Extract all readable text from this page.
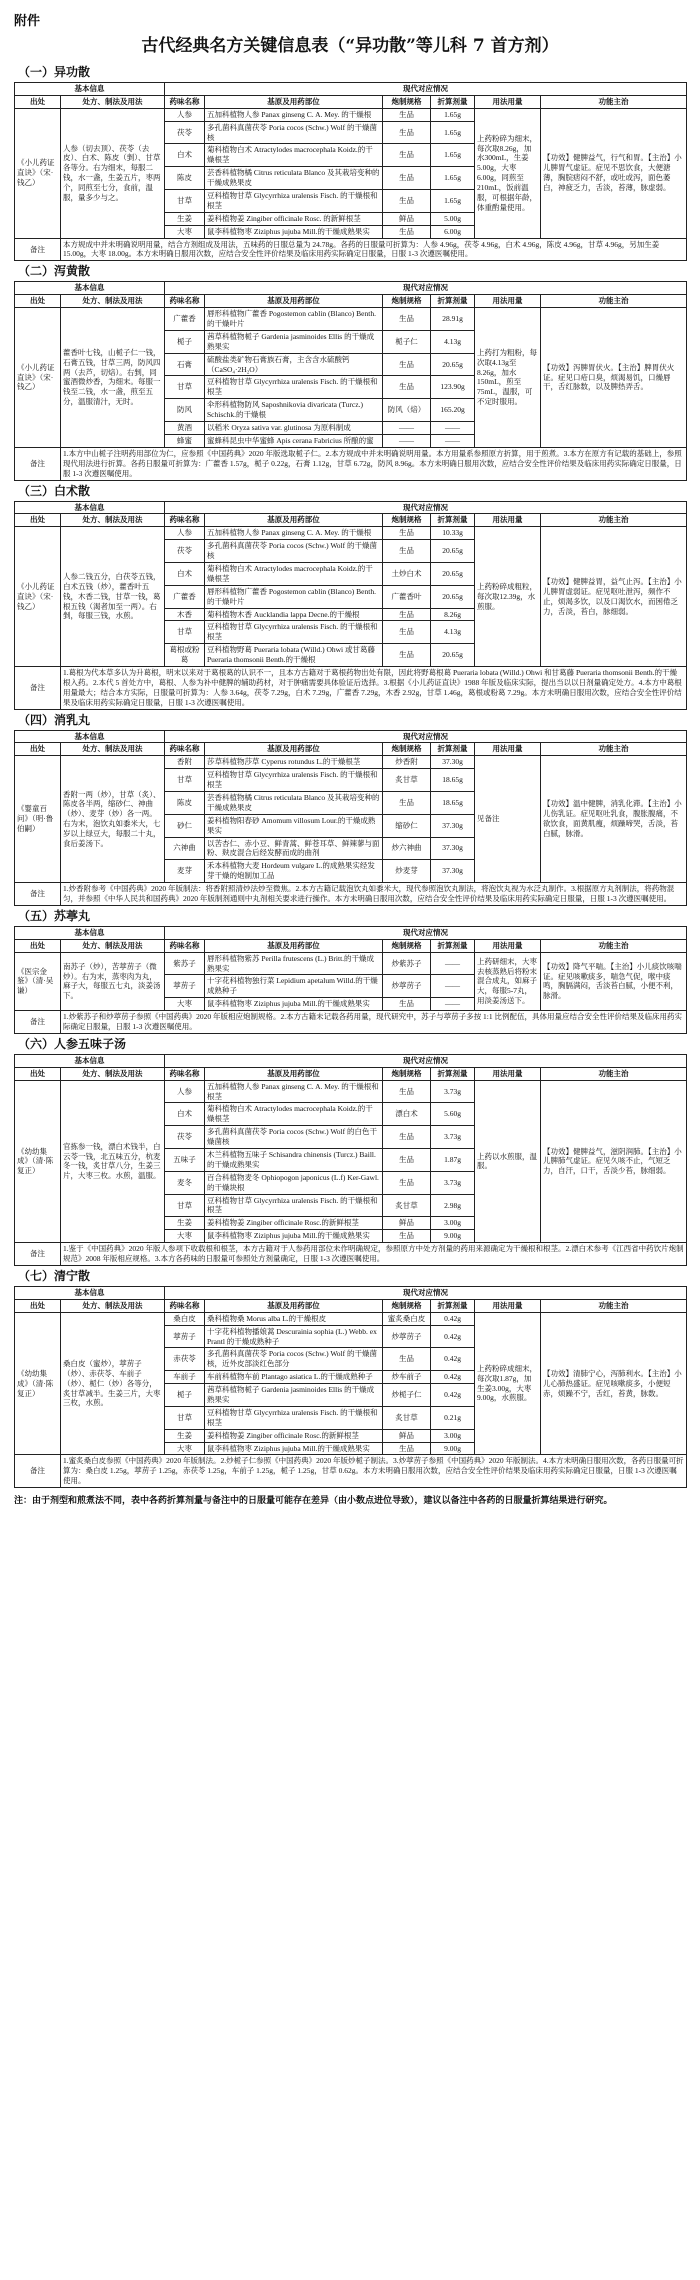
附件
古代经典名方关键信息表（“异功散”等儿科 7 首方剂）
（一）异功散
基本信息		现代对应情况					
出处	处方、制法及用法	药味名称	基原及用药部位	炮制规格	折算剂量	用法用量	功能主治
《小儿药证直诀》（宋·钱乙）	人参（切去顶）、茯苓（去皮）、白术、陈皮（剉）、甘草各等分。右为细末，每服二钱，水一盏，生姜五片，枣两个，同煎至七分，食前，温服，量多少与之。	人参	五加科植物人参 Panax ginseng C. A. Mey. 的干燥根	生品	1.65g	上药粉碎为细末，每次取8.26g，加水300mL，生姜5.00g，大枣6.00g，同煎至210mL，饭前温服，可根据年龄，体重酌量使用。	【功效】健脾益气，行气和胃。【主治】小儿脾胃气虚证。症见不思饮食，大便溏薄，胸脘痞闷不舒，或吐或泻，面色萎白，神疲乏力，舌淡，苔薄，脉虚弱。
		茯苓	多孔菌科真菌茯苓 Poria cocos (Schw.) Wolf 的干燥菌核	生品	1.65g		
		白术	菊科植物白术 Atractylodes macrocephala Koidz.的干燥根茎	生品	1.65g		
		陈皮	芸香科植物橘 Citrus reticulata Blanco 及其栽培变种的干燥成熟果皮	生品	1.65g		
		甘草	豆科植物甘草 Glycyrrhiza uralensis Fisch. 的干燥根和根茎	生品	1.65g		
		生姜	姜科植物姜 Zingiber officinale Rosc. 的新鲜根茎	鲜品	5.00g		
		大枣	鼠李科植物枣 Ziziphus jujuba Mill.的干燥成熟果实	生品	6.00g		
备注	本方规成中并未明确说明用量，结合方剂组成及用法，五味药的日服总量为 24.78g。各药的日服量可折算为：人参 4.96g，茯苓 4.96g，白术 4.96g，陈皮 4.96g，甘草 4.96g，另加生姜 15.00g，大枣 18.00g。本方未明确日服用次数，应结合安全性评价结果及临床用药实际确定日服量，日服 1-3 次遵医嘱使用。						
（二）泻黄散
基本信息		现代对应情况					
出处	处方、制法及用法	药味名称	基原及用药部位	炮制规格	折算剂量	用法用量	功能主治
《小儿药证直诀》（宋·钱乙）	藿香叶七钱，山栀子仁一钱，石膏五钱，甘草三两，防风四两（去芦，切焙）。右剉，同蜜酒微炒香，为细末。每服一钱至二钱，水一盏，煎至五分，温服清汁，无时。	广藿香	唇形科植物广藿香 Pogostemon cablin (Blanco) Benth. 的干燥叶片	生品	28.91g	上药打为粗粉，每次取4.13g至8.26g，加水150mL，煎至75mL，温服，可不定时服用。	【功效】泻脾胃伏火。【主治】脾胃伏火证。症见口疮口臭，烦渴易饥，口燥唇干，舌红脉数，以及脾热弄舌。
		栀子	茜草科植物栀子 Gardenia jasminoides Ellis 的干燥成熟果实	栀子仁	4.13g		
		石膏	硫酸盐类矿物石膏族石膏，主含含水硫酸钙（CaSO₄·2H₂O）	生品	20.65g		
		甘草	豆科植物甘草 Glycyrrhiza uralensis Fisch. 的干燥根和根茎	生品	123.90g		
		防风	伞形科植物防风 Saposhnikovia divaricata (Turcz.) Schischk.的干燥根	防风（焙）	165.20g		
		黄酒	以稻米 Oryza sativa var. glutinosa 为原料制成	——	——		
		蜂蜜	蜜蜂科昆虫中华蜜蜂 Apis cerana Fabricius 所酿的蜜	——	——		
备注	1.本方中山栀子注明药用部位为仁，应参照《中国药典》2020 年版选取栀子仁。2.本方规成中并未明确说明用量。本方用量系参照原方折算，用于煎煮。3.本方在原方有记载的基础上，参照现代用法进行折算。各药日服量可折算为：广藿香 1.57g，栀子 0.22g，石膏 1.12g，甘草 6.72g，防风 8.96g。本方未明确日服用次数，应结合安全性评价结果及临床用药实际确定日服量，日服 1-3 次遵医嘱使用。						
（三）白术散
基本信息		现代对应情况					
出处	处方、制法及用法	药味名称	基原及用药部位	炮制规格	折算剂量	用法用量	功能主治
《小儿药证直诀》（宋·钱乙）	人参二钱五分，白茯苓五钱，白术五钱（炒），藿香叶五钱，木香二钱，甘草一钱，葛根五钱（渴者加至一两）。右剉，每服三钱，水煎。	人参	五加科植物人参 Panax ginseng C. A. Mey. 的干燥根	生品	10.33g	上药粉碎成粗粒，每次取12.39g，水煎服。	【功效】健脾益胃，益气止泻。【主治】小儿脾胃虚弱证。症见呕吐泄泻，频作不止，烦渴多饮，以及口渴饮水，而困倦乏力，舌淡，苔白，脉细弱。
		茯苓	多孔菌科真菌茯苓 Poria cocos (Schw.) Wolf 的干燥菌核	生品	20.65g		
		白术	菊科植物白术 Atractylodes macrocephala Koidz.的干燥根茎	土炒白术	20.65g		
		广藿香	唇形科植物广藿香 Pogostemon cablin (Blanco) Benth.的干燥叶片	广藿香叶	20.65g		
		木香	菊科植物木香 Aucklandia lappa Decne.的干燥根	生品	8.26g		
		甘草	豆科植物甘草 Glycyrrhiza uralensis Fisch. 的干燥根和根茎	生品	4.13g		
		葛根或粉葛	豆科植物野葛 Pueraria lobata (Willd.) Ohwi 或甘葛藤 Pueraria thomsonii Benth.的干燥根	生品	20.65g		
备注	1.葛根为代本草多认为升葛根，明末以来对于葛根葛的认识不一，且本方古籍对于葛根药物出处有限，因此将野葛根葛 Pueraria lobata (Willd.) Ohwi 和甘葛藤 Pueraria thomsonii Benth.的干燥根入药。2.本代 5 首处方中，葛根、人参为补中健脾的辅助药材，对于肿痛需要具体验证后选择。3.根据《小儿药证直诀》1988 年版及临床实际，提出当以以日剂量确定处方。4.本方中葛根用量最大；结合本方实际，日服量可折算为：人参 3.64g，茯苓 7.29g，白术 7.29g，广藿香 7.29g，木香 2.92g，甘草 1.46g，葛根或粉葛 7.29g。本方未明确日服用次数，应结合安全性评价结果及临床用药实际确定日服量，日服 1-3 次遵医嘱使用。						
（四）消乳丸
基本信息		现代对应情况					
出处	处方、制法及用法	药味名称	基原及用药部位	炮制规格	折算剂量	用法用量	功能主治
《婴童百问》（明·鲁伯嗣）	香附一两（炒），甘草（炙）、陈皮各半两，缩砂仁、神曲（炒）、麦芽（炒）各一两。右为末，泡饮丸如黍米大，七岁以上绿豆大，每服二十丸，食后姜汤下。	香附	莎草科植物莎草 Cyperus rotundus L.的干燥根茎	炒香附	37.30g	见备注	【功效】温中健脾，消乳化滞。【主治】小儿伤乳证。症见呕吐乳食，腹胀腹痛，不欲饮食，面黄肌瘦，烦躁啼哭，舌淡，苔白腻，脉滑。
		甘草	豆科植物甘草 Glycyrrhiza uralensis Fisch. 的干燥根和根茎	炙甘草	18.65g		
		陈皮	芸香科植物橘 Citrus reticulata Blanco 及其栽培变种的干燥成熟果皮	生品	18.65g		
		砂仁	姜科植物阳春砂 Amomum villosum Lour.的干燥成熟果实	缩砂仁	37.30g		
		六神曲	以苦杏仁、赤小豆、鲜青蒿、鲜苍耳草、鲜辣蓼与面粉、麸皮混合后经发酵而成的曲剂	炒六神曲	37.30g		
		麦芽	禾本科植物大麦 Hordeum vulgare L.的成熟果实经发芽干燥的炮制加工品	炒麦芽	37.30g		
备注	1.炒香附参考《中国药典》2020 年版制法：将香附照清炒法炒至微焦。2.本方古籍记载泡饮丸如黍米大，现代参照泡饮丸制法，将泡饮丸视为水泛丸制作。3.根据原方丸剂制法，将药物混匀，并参照《中华人民共和国药典》2020 年版制剂通则中丸剂相关要求进行操作。本方未明确日服用次数，应结合安全性评价结果及临床用药实际确定日服量，日服 1-3 次遵医嘱使用。						
（五）苏葶丸
基本信息		现代对应情况					
出处	处方、制法及用法	药味名称	基原及用药部位	炮制规格	折算剂量	用法用量	功能主治
《医宗金鉴》（清·吴谦）	南苏子（炒），苦葶苈子（微炒）。右为末，蒸枣肉为丸，麻子大，每服五七丸，淡姜汤下。	紫苏子	唇形科植物紫苏 Perilla frutescens (L.) Britt.的干燥成熟果实	炒紫苏子	——	上药研细末，大枣去核蒸熟后将粉末混合成丸，如麻子大，每服5-7丸，用淡姜汤送下。	【功效】降气平喘。【主治】小儿痰饮咳喘证。症见咳嗽痰多，喘急气促，喉中痰鸣，胸膈满闷，舌淡苔白腻，小便不利，脉滑。
		葶苈子	十字花科植物独行菜 Lepidium apetalum Willd.的干燥成熟种子	炒葶苈子	——		
		大枣	鼠李科植物枣 Ziziphus jujuba Mill.的干燥成熟果实	生品	——		
备注	1.炒紫苏子和炒葶苈子参照《中国药典》2020 年版相应炮制规格。2.本方古籍未记载各药用量，现代研究中，苏子与葶苈子多按 1:1 比例配伍，具体用量应结合安全性评价结果及临床用药实际确定日服量，日服 1-3 次遵医嘱使用。						
（六）人参五味子汤
基本信息		现代对应情况					
出处	处方、制法及用法	药味名称	基原及用药部位	炮制规格	折算剂量	用法用量	功能主治
《幼幼集成》（清·陈复正）	官拣参一钱，漂白术钱半，白云苓一钱，北五味五分，杭麦冬一钱，炙甘草八分，生姜三片，大枣三枚。水煎，温服。	人参	五加科植物人参 Panax ginseng C. A. Mey. 的干燥根和根茎	生品	3.73g	上药以水煎服，温服。	【功效】健脾益气，滋阴润肺。【主治】小儿脾肺气虚证。症见久咳不止，气短乏力，自汗，口干，舌淡少苔，脉细弱。
		白术	菊科植物白术 Atractylodes macrocephala Koidz.的干燥根茎	漂白术	5.60g		
		茯苓	多孔菌科真菌茯苓 Poria cocos (Schw.) Wolf 的白色干燥菌核	生品	3.73g		
		五味子	木兰科植物五味子 Schisandra chinensis (Turcz.) Baill.的干燥成熟果实	生品	1.87g		
		麦冬	百合科植物麦冬 Ophiopogon japonicus (L.f) Ker-Gawl.的干燥块根	生品	3.73g		
		甘草	豆科植物甘草 Glycyrrhiza uralensis Fisch. 的干燥根和根茎	炙甘草	2.98g		
		生姜	姜科植物姜 Zingiber officinale Rosc.的新鲜根茎	鲜品	3.00g		
		大枣	鼠李科植物枣 Ziziphus jujuba Mill.的干燥成熟果实	生品	9.00g		
备注	1.鉴于《中国药典》2020 年版人参项下收载根和根茎，本方古籍对于人参药用部位未作明确规定，参照原方中处方剂量的药用来源确定为干燥根和根茎。2.漂白术参考《江西省中药饮片炮制规范》2008 年版相应规格。3.本方各药味的日服量可参照处方剂量确定，日服 1-3 次遵医嘱使用。						
（七）清宁散
基本信息		现代对应情况					
出处	处方、制法及用法	药味名称	基原及用药部位	炮制规格	折算剂量	用法用量	功能主治
《幼幼集成》（清·陈复正）	桑白皮（蜜炒），葶苈子（炒）、赤茯苓、车前子（炒）、栀仁（炒）各等分，炙甘草减半。生姜三片，大枣三枚，水煎。	桑白皮	桑科植物桑 Morus alba L.的干燥根皮	蜜炙桑白皮	0.42g	上药粉碎成细末，每次取1.87g，加生姜3.00g，大枣9.00g，水煎服。	【功效】清肺宁心，泻肺利水。【主治】小儿心肺热盛证。症见咳嗽痰多，小便短赤，烦躁不宁，舌红，苔黄，脉数。
		葶苈子	十字花科植物播娘蒿 Descurainia sophia (L.) Webb. ex Prantl 的干燥成熟种子	炒葶苈子	0.42g		
		赤茯苓	多孔菌科真菌茯苓 Poria cocos (Schw.) Wolf 的干燥菌核，近外皮部淡红色部分	生品	0.42g		
		车前子	车前科植物车前 Plantago asiatica L.的干燥成熟种子	炒车前子	0.42g		
		栀子	茜草科植物栀子 Gardenia jasminoides Ellis 的干燥成熟果实	炒栀子仁	0.42g		
		甘草	豆科植物甘草 Glycyrrhiza uralensis Fisch. 的干燥根和根茎	炙甘草	0.21g		
		生姜	姜科植物姜 Zingiber officinale Rosc.的新鲜根茎	鲜品	3.00g		
		大枣	鼠李科植物枣 Ziziphus jujuba Mill.的干燥成熟果实	生品	9.00g		
备注	1.蜜炙桑白皮参照《中国药典》2020 年版制法。2.炒栀子仁参照《中国药典》2020 年版炒栀子制法。3.炒葶苈子参照《中国药典》2020 年版制法。4.本方未明确日服用次数，各药日服量可折算为：桑白皮 1.25g，葶苈子 1.25g，赤茯苓 1.25g，车前子 1.25g，栀子 1.25g，甘草 0.62g。本方未明确日服用次数，应结合安全性评价结果及临床用药实际确定日服量，日服 1-3 次遵医嘱使用。						
注：由于剂型和煎煮法不同，表中各药折算剂量与备注中的日服量可能存在差异（由小数点进位导致），建议以备注中各药的日服量折算结果进行研究。
